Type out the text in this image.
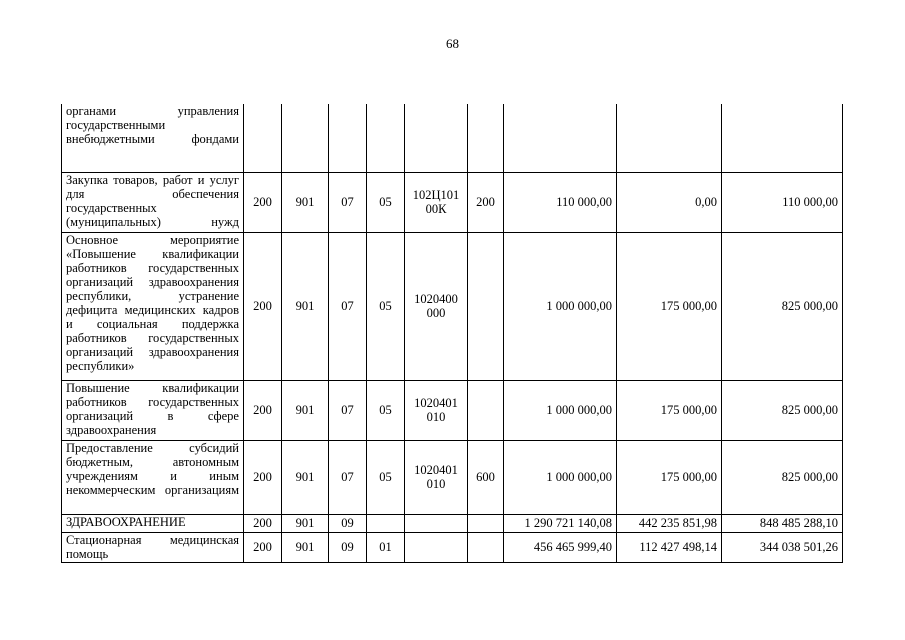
68
органами управления государственными внебюджетными фондами									
Закупка товаров, работ и услуг для обеспечения государственных (муниципальных) нужд	200	901	07	05	102Ц101 00К	200	110 000,00	0,00	110 000,00
Основное мероприятие «Повышение квалификации работников государственных организаций здравоохранения республики, устранение дефицита медицинских кадров и социальная поддержка работников государственных организаций здравоохранения республики»	200	901	07	05	1020400 000		1 000 000,00	175 000,00	825 000,00
Повышение квалификации работников государственных организаций в сфере здравоохранения	200	901	07	05	1020401 010		1 000 000,00	175 000,00	825 000,00
Предоставление субсидий бюджетным, автономным учреждениям и иным некоммерческим организациям	200	901	07	05	1020401 010	600	1 000 000,00	175 000,00	825 000,00
ЗДРАВООХРАНЕНИЕ	200	901	09				1 290 721 140,08	442 235 851,98	848 485 288,10
Стационарная медицинская помощь	200	901	09	01			456 465 999,40	112 427 498,14	344 038 501,26
